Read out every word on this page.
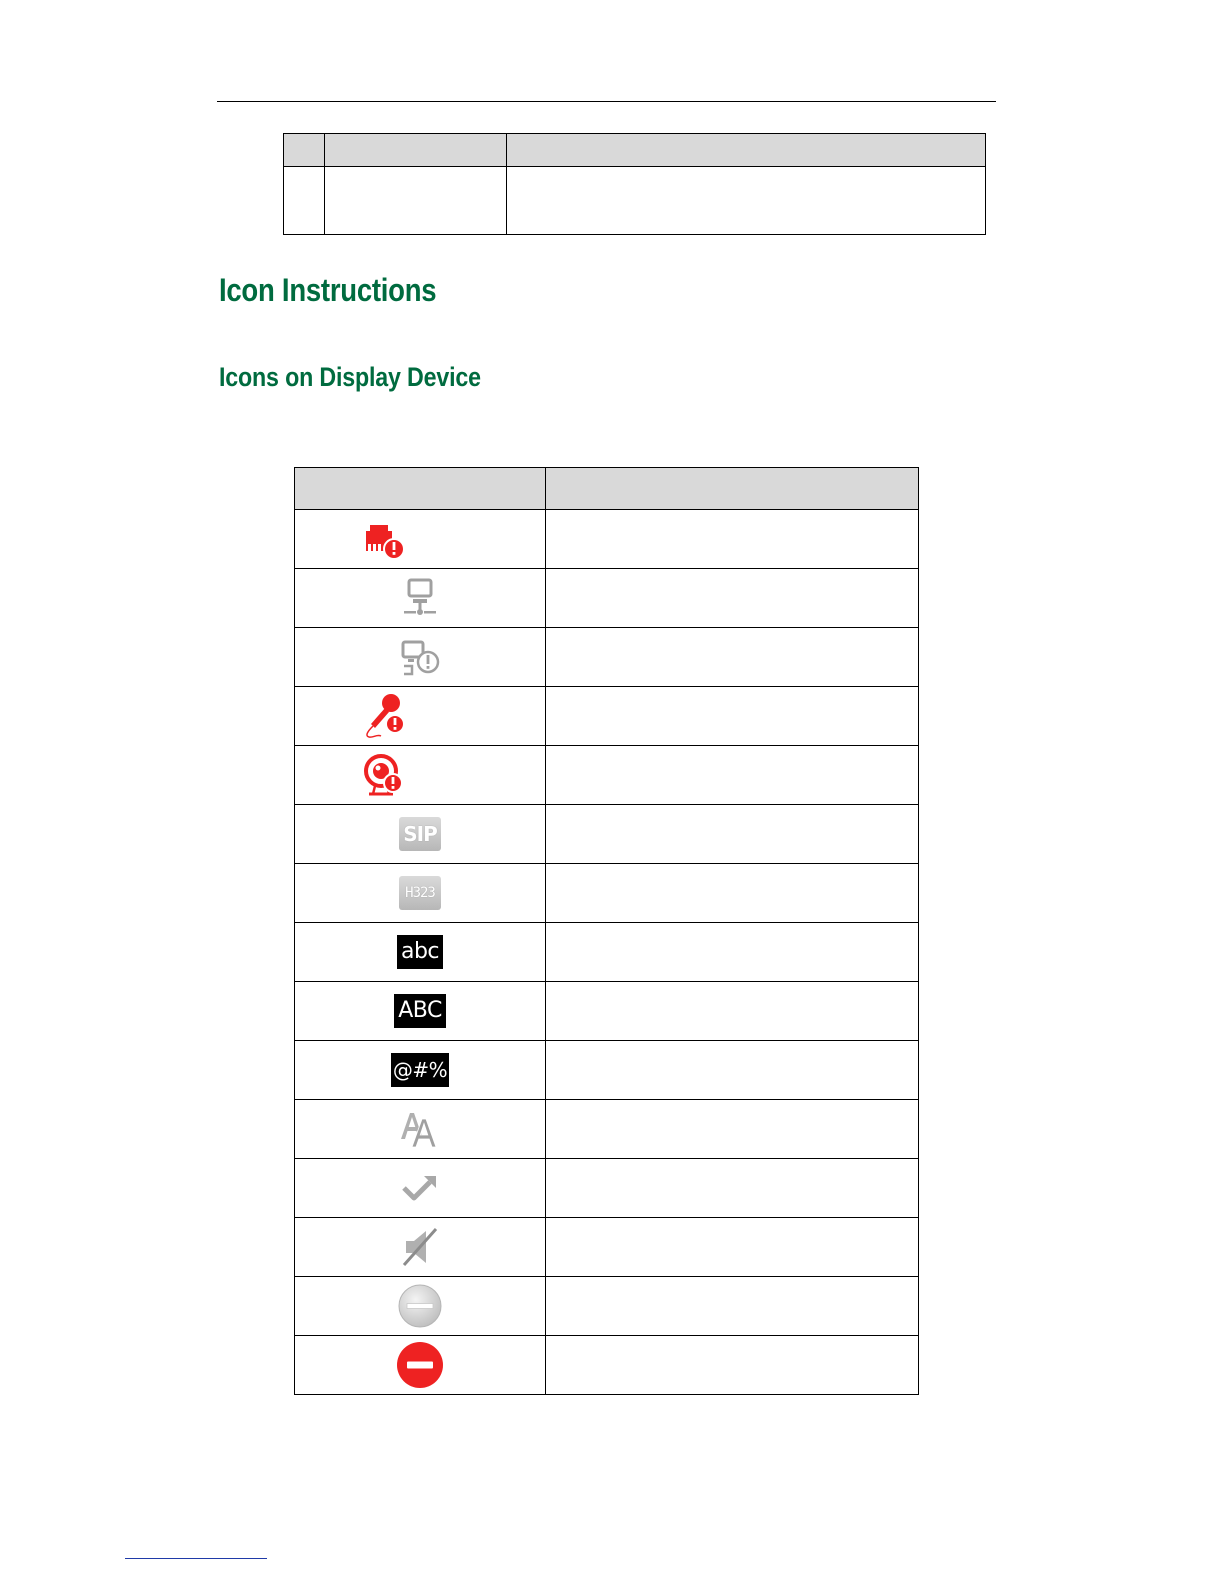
Icon Instructions
Icons on Display Device

SIP	

H323	

abc	

ABC	

@#%	
